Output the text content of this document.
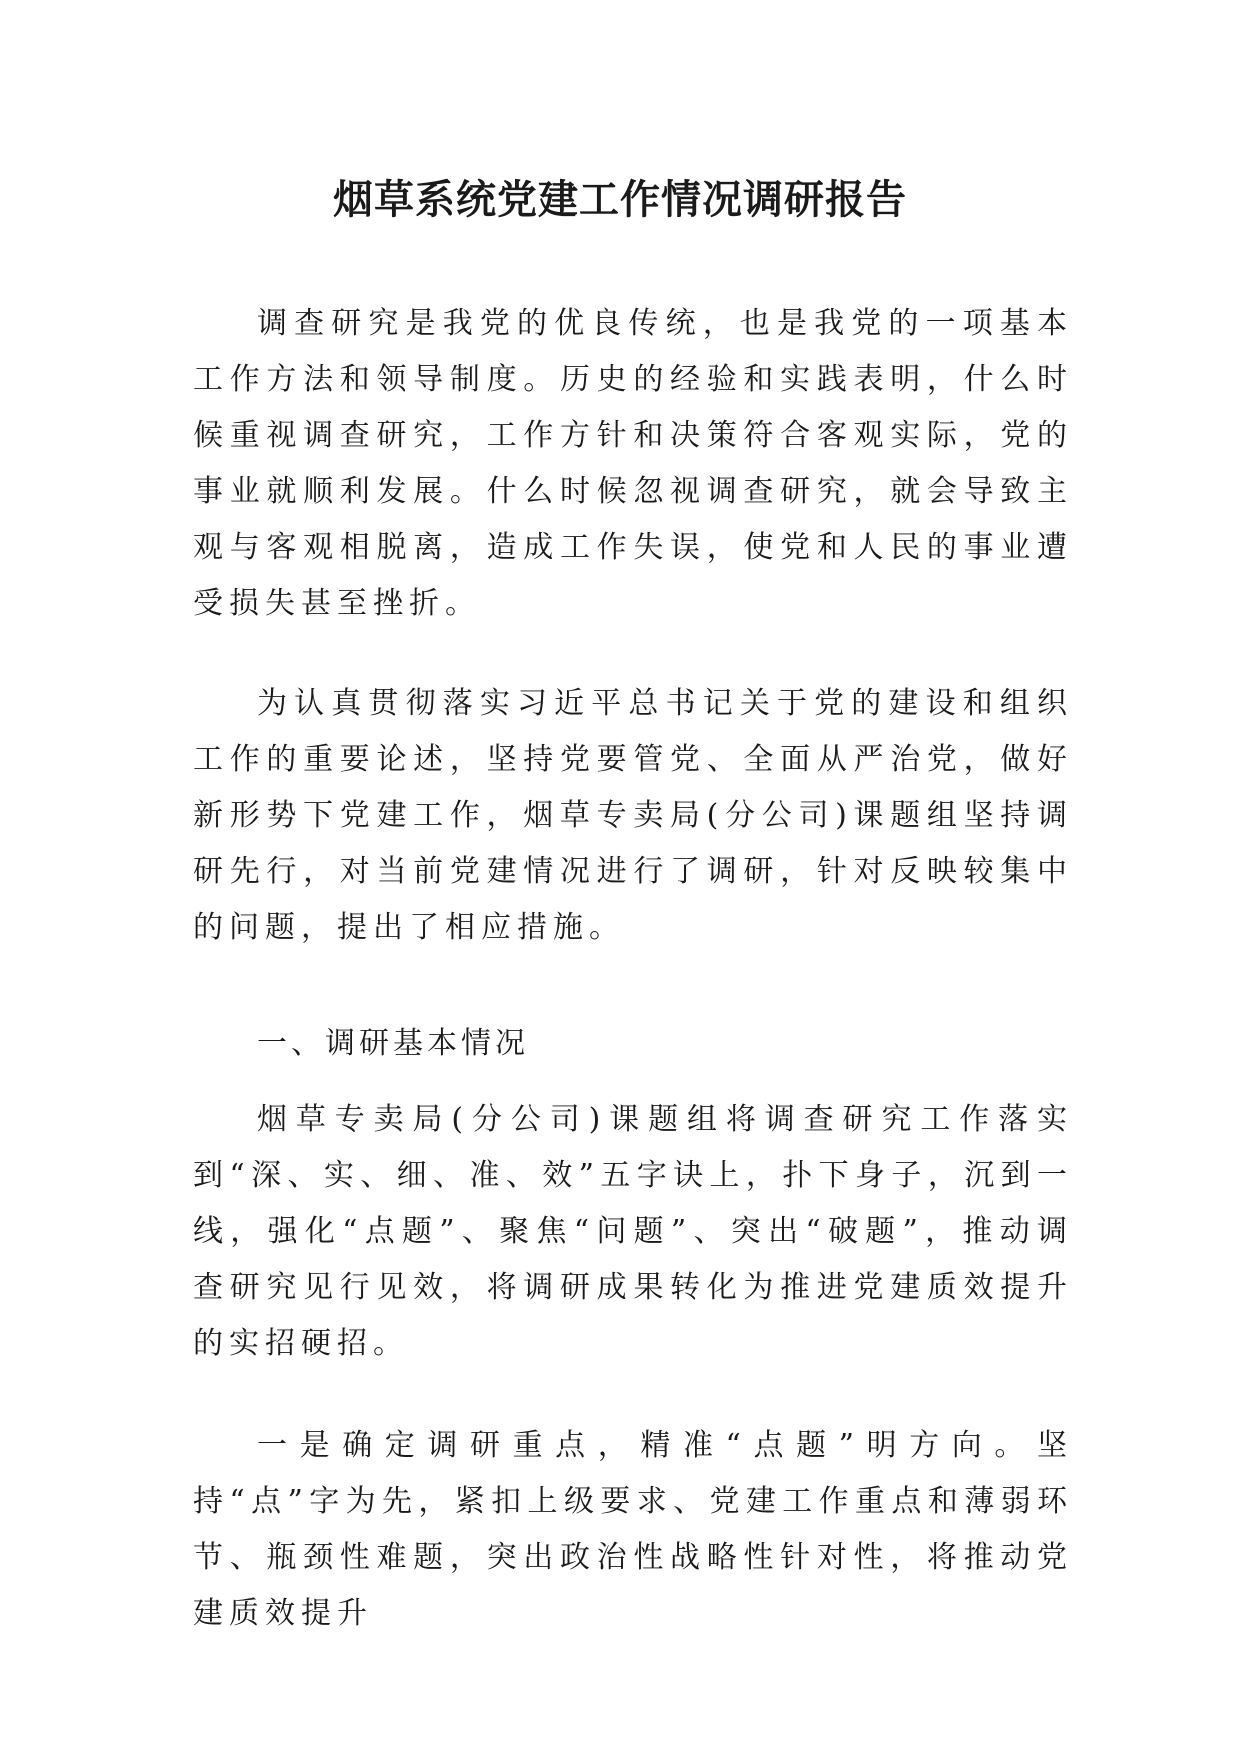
烟草系统党建工作情况调研报告

调查研究是我党的优良传统，也是我党的一项基本工作方法和领导制度。历史的经验和实践表明，什么时候重视调查研究，工作方针和决策符合客观实际，党的事业就顺利发展。什么时候忽视调查研究，就会导致主观与客观相脱离，造成工作失误，使党和人民的事业遭受损失甚至挫折。

为认真贯彻落实习近平总书记关于党的建设和组织工作的重要论述，坚持党要管党、全面从严治党，做好新形势下党建工作，烟草专卖局(分公司)课题组坚持调研先行，对当前党建情况进行了调研，针对反映较集中的问题，提出了相应措施。

一、调研基本情况

烟草专卖局(分公司)课题组将调查研究工作落实到“深、实、细、准、效”五字诀上，扑下身子，沉到一线，强化“点题”、聚焦“问题”、突出“破题”，推动调查研究见行见效，将调研成果转化为推进党建质效提升的实招硬招。

一是确定调研重点，精准“点题”明方向。坚持“点”字为先，紧扣上级要求、党建工作重点和薄弱环节、瓶颈性难题，突出政治性战略性针对性，将推动党建质效提升
